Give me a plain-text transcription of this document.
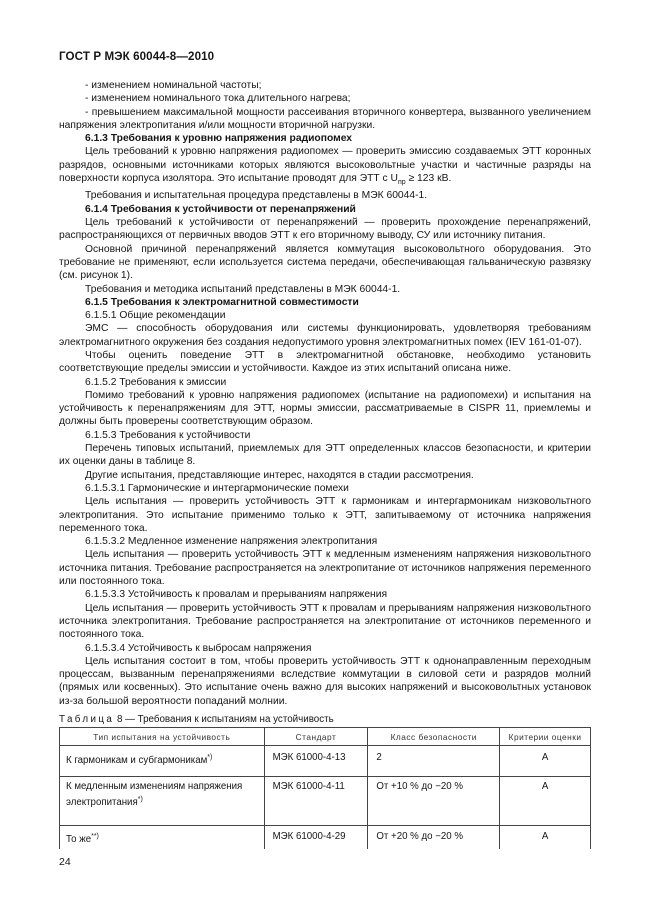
ГОСТ Р МЭК 60044-8—2010

- изменением номинальной частоты;

- изменением номинального тока длительного нагрева;

- превышением максимальной мощности рассеивания вторичного конвертера, вызванного увеличением напряжения электропитания и/или мощности вторичной нагрузки.

6.1.3 Требования к уровню напряжения радиопомех

Цель требований к уровню напряжения радиопомех — проверить эмиссию создаваемых ЭТТ коронных разрядов, основными источниками которых являются высоковольтные участки и частичные разряды на поверхности корпуса изолятора. Это испытание проводят для ЭТТ с $U_{пр} \ge 123$ кВ.

Требования и испытательная процедура представлены в МЭК 60044-1.

6.1.4 Требования к устойчивости от перенапряжений

Цель требований к устойчивости от перенапряжений — проверить прохождение перенапряжений, распространяющихся от первичных вводов ЭТТ к его вторичному выводу, СУ или источнику питания.

Основной причиной перенапряжений является коммутация высоковольтного оборудования. Это требование не применяют, если используется система передачи, обеспечивающая гальваническую развязку (см. рисунок 1).

Требования и методика испытаний представлены в МЭК 60044-1.

6.1.5 Требования к электромагнитной совместимости

6.1.5.1 Общие рекомендации

ЭМС — способность оборудования или системы функционировать, удовлетворяя требованиям электромагнитного окружения без создания недопустимого уровня электромагнитных помех (IEV 161-01-07).

Чтобы оценить поведение ЭТТ в электромагнитной обстановке, необходимо установить соответствующие пределы эмиссии и устойчивости. Каждое из этих испытаний описана ниже.

6.1.5.2 Требования к эмиссии

Помимо требований к уровню напряжения радиопомех (испытание на радиопомехи) и испытания на устойчивость к перенапряжениям для ЭТТ, нормы эмиссии, рассматриваемые в CISPR 11, приемлемы и должны быть проверены соответствующим образом.

6.1.5.3 Требования к устойчивости

Перечень типовых испытаний, приемлемых для ЭТТ определенных классов безопасности, и критерии их оценки даны в таблице 8.

Другие испытания, представляющие интерес, находятся в стадии рассмотрения.

6.1.5.3.1 Гармонические и интергармонические помехи

Цель испытания — проверить устойчивость ЭТТ к гармоникам и интергармоникам низковольтного электропитания. Это испытание применимо только к ЭТТ, запитываемому от источника напряжения переменного тока.

6.1.5.3.2 Медленное изменение напряжения электропитания

Цель испытания — проверить устойчивость ЭТТ к медленным изменениям напряжения низковольтного источника питания. Требование распространяется на электропитание от источников напряжения переменного или постоянного тока.

6.1.5.3.3 Устойчивость к провалам и прерываниям напряжения

Цель испытания — проверить устойчивость ЭТТ к провалам и прерываниям напряжения низковольтного источника электропитания. Требование распространяется на электропитание от источников переменного и постоянного тока.

6.1.5.3.4 Устойчивость к выбросам напряжения

Цель испытания состоит в том, чтобы проверить устойчивость ЭТТ к однонаправленным переходным процессам, вызванным перенапряжениями вследствие коммутации в силовой сети и разрядов молний (прямых или косвенных). Это испытание очень важно для высоких напряжений и высоковольтных установок из-за большой вероятности попаданий молнии.

Таблица 8 — Требования к испытаниям на устойчивость
Тип испытания на устойчивость	Стандарт	Класс безопасности	Критерии оценки
К гармоникам и субгармоникам*)	МЭК 61000-4-13	2	А
К медленным изменениям напряжения электропитания*)	МЭК 61000-4-11	От +10 % до −20 %	А
То же**)	МЭК 61000-4-29	От +20 % до −20 %	А
24
